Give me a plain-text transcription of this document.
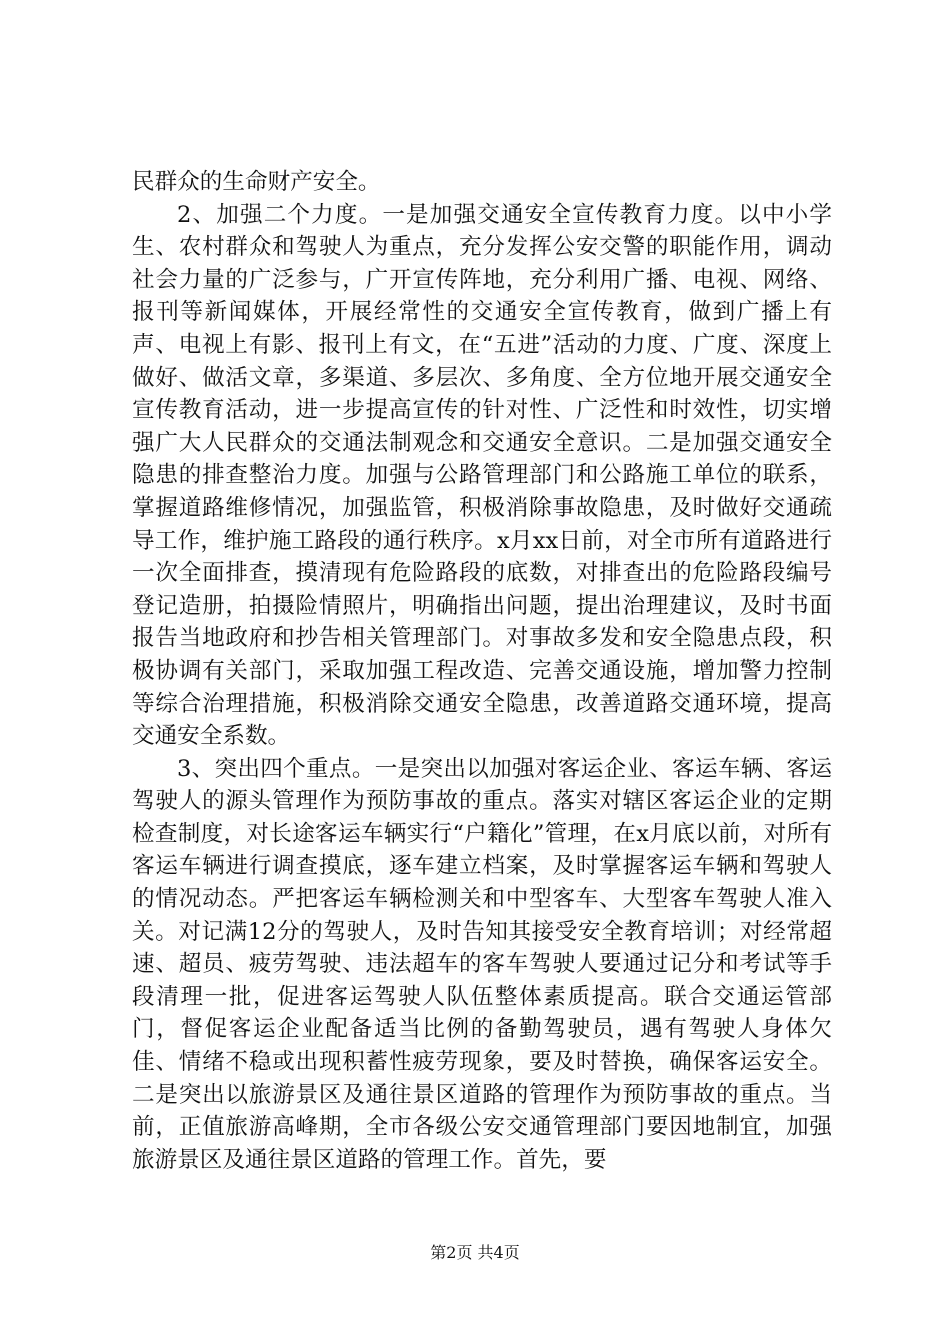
民群众的生命财产安全。

2、加强二个力度。一是加强交通安全宣传教育力度。以中小学生、农村群众和驾驶人为重点，充分发挥公安交警的职能作用，调动社会力量的广泛参与，广开宣传阵地，充分利用广播、电视、网络、报刊等新闻媒体，开展经常性的交通安全宣传教育，做到广播上有声、电视上有影、报刊上有文，在“五进”活动的力度、广度、深度上做好、做活文章，多渠道、多层次、多角度、全方位地开展交通安全宣传教育活动，进一步提高宣传的针对性、广泛性和时效性，切实增强广大人民群众的交通法制观念和交通安全意识。二是加强交通安全隐患的排查整治力度。加强与公路管理部门和公路施工单位的联系，掌握道路维修情况，加强监管，积极消除事故隐患，及时做好交通疏导工作，维护施工路段的通行秩序。x月xx日前，对全市所有道路进行一次全面排查，摸清现有危险路段的底数，对排查出的危险路段编号登记造册，拍摄险情照片，明确指出问题，提出治理建议，及时书面报告当地政府和抄告相关管理部门。对事故多发和安全隐患点段，积极协调有关部门，采取加强工程改造、完善交通设施，增加警力控制等综合治理措施，积极消除交通安全隐患，改善道路交通环境，提高交通安全系数。

3、突出四个重点。一是突出以加强对客运企业、客运车辆、客运驾驶人的源头管理作为预防事故的重点。落实对辖区客运企业的定期检查制度，对长途客运车辆实行“户籍化”管理，在x月底以前，对所有客运车辆进行调查摸底，逐车建立档案，及时掌握客运车辆和驾驶人的情况动态。严把客运车辆检测关和中型客车、大型客车驾驶人准入关。对记满12分的驾驶人，及时告知其接受安全教育培训；对经常超速、超员、疲劳驾驶、违法超车的客车驾驶人要通过记分和考试等手段清理一批，促进客运驾驶人队伍整体素质提高。联合交通运管部门，督促客运企业配备适当比例的备勤驾驶员，遇有驾驶人身体欠佳、情绪不稳或出现积蓄性疲劳现象，要及时替换，确保客运安全。二是突出以旅游景区及通往景区道路的管理作为预防事故的重点。当前，正值旅游高峰期，全市各级公安交通管理部门要因地制宜，加强旅游景区及通往景区道路的管理工作。首先，要

第2页 共4页
